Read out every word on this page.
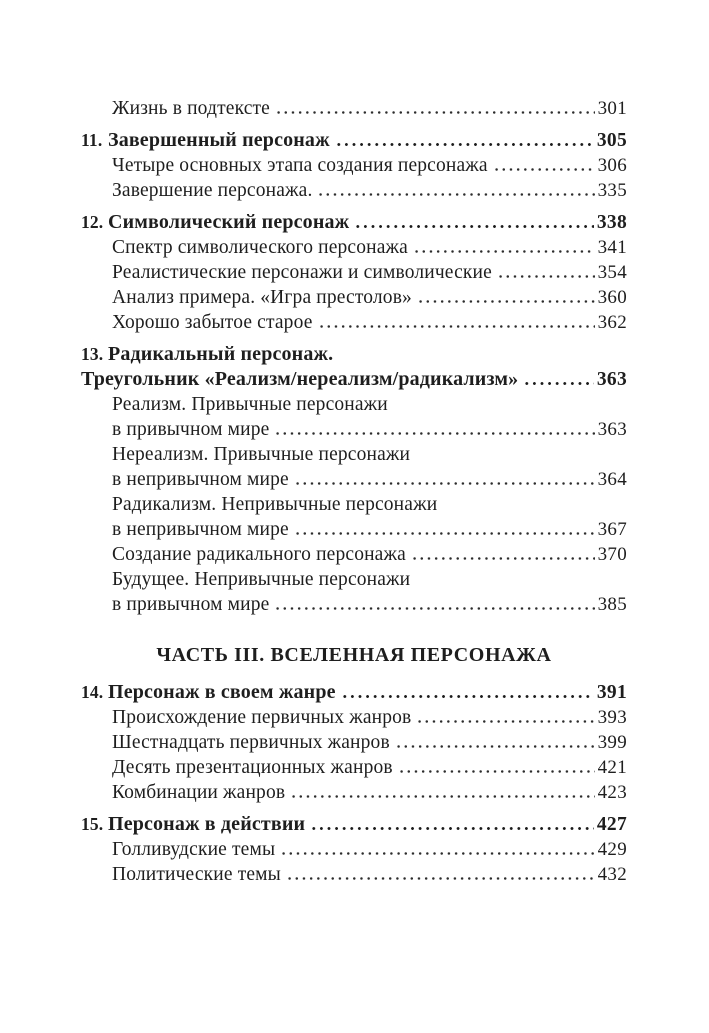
Жизнь в подтексте	301
11. Завершенный персонаж	305
Четыре основных этапа создания персонажа	306
Завершение персонажа.	335
12. Символический персонаж	338
Спектр символического персонажа	341
Реалистические персонажи и символические	354
Анализ примера. «Игра престолов»	360
Хорошо забытое старое	362
13. Радикальный персонаж.
Треугольник «Реализм/нереализм/радикализм»	363
Реализм. Привычные персонажи
в привычном мире	363
Нереализм. Привычные персонажи
в непривычном мире	364
Радикализм. Непривычные персонажи
в непривычном мире	367
Создание радикального персонажа	370
Будущее. Непривычные персонажи
в привычном мире	385
ЧАСТЬ III. ВСЕЛЕННАЯ ПЕРСОНАЖА
14. Персонаж в своем жанре	391
Происхождение первичных жанров	393
Шестнадцать первичных жанров	399
Десять презентационных жанров	421
Комбинации жанров	423
15. Персонаж в действии	427
Голливудские темы	429
Политические темы	432
